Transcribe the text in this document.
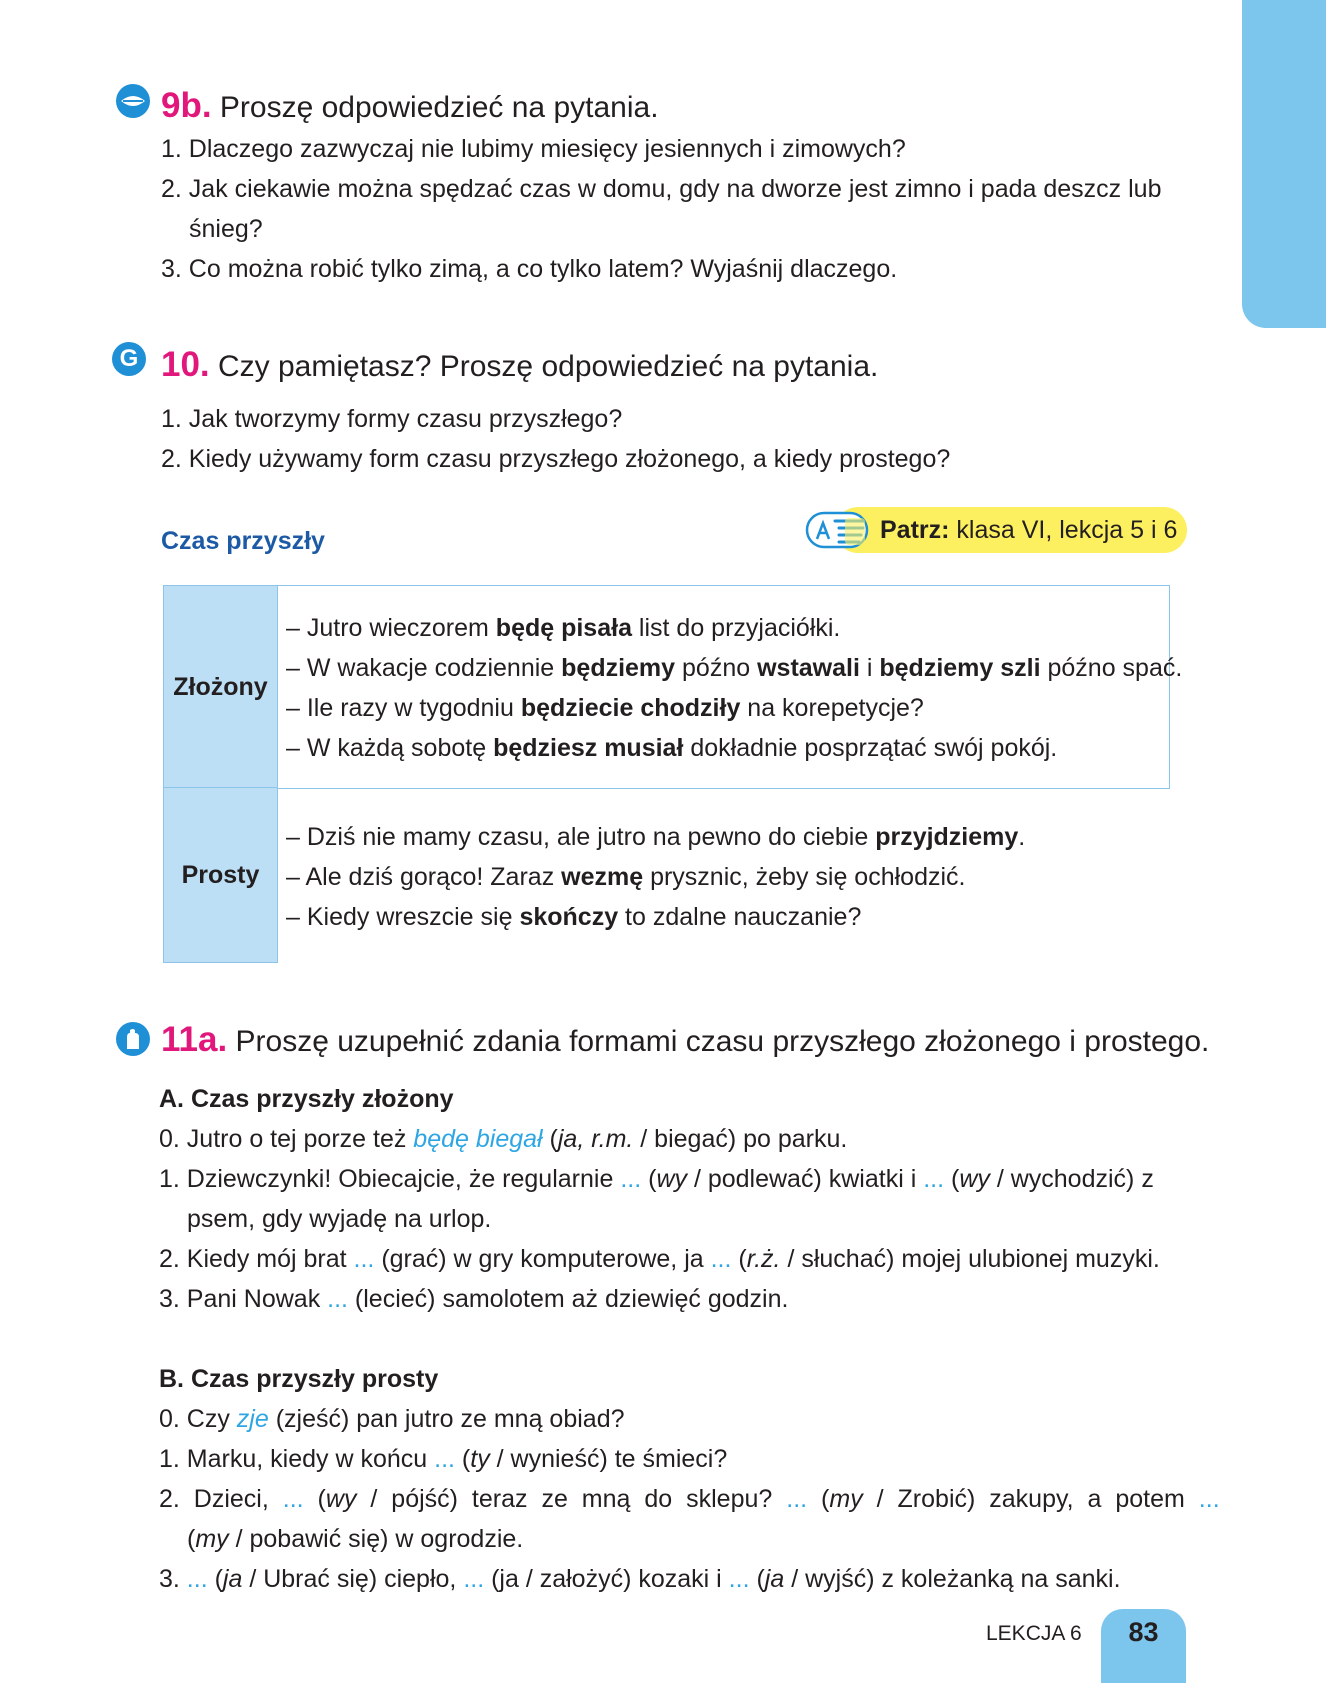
9b. Proszę odpowiedzieć na pytania.
1. Dlaczego zazwyczaj nie lubimy miesięcy jesiennych i zimowych?
2. Jak ciekawie można spędzać czas w domu, gdy na dworze jest zimno i pada deszcz lub
śnieg?
3. Co można robić tylko zimą, a co tylko latem? Wyjaśnij dlaczego.
G 10. Czy pamiętasz? Proszę odpowiedzieć na pytania.
1. Jak tworzymy formy czasu przyszłego?
2. Kiedy używamy form czasu przyszłego złożonego, a kiedy prostego?
Czas przyszły	Patrz: klasa VI, lekcja 5 i 6
Złożony
– Jutro wieczorem będę pisała list do przyjaciółki.
– W wakacje codziennie będziemy późno wstawali i będziemy szli późno spać.
– Ile razy w tygodniu będziecie chodziły na korepetycje?
– W każdą sobotę będziesz musiał dokładnie posprzątać swój pokój.
Prosty
– Dziś nie mamy czasu, ale jutro na pewno do ciebie przyjdziemy.
– Ale dziś gorąco! Zaraz wezmę prysznic, żeby się ochłodzić.
– Kiedy wreszcie się skończy to zdalne nauczanie?
11a. Proszę uzupełnić zdania formami czasu przyszłego złożonego i prostego.
A. Czas przyszły złożony
0. Jutro o tej porze też będę biegał (ja, r.m. / biegać) po parku.
1. Dziewczynki! Obiecajcie, że regularnie ... (wy / podlewać) kwiatki i ... (wy / wychodzić) z
psem, gdy wyjadę na urlop.
2. Kiedy mój brat ... (grać) w gry komputerowe, ja ... (r.ż. / słuchać) mojej ulubionej muzyki.
3. Pani Nowak ... (lecieć) samolotem aż dziewięć godzin.
B. Czas przyszły prosty
0. Czy zje (zjeść) pan jutro ze mną obiad?
1. Marku, kiedy w końcu ... (ty / wynieść) te śmieci?
2. Dzieci, ... (wy / pójść) teraz ze mną do sklepu? ... (my / Zrobić) zakupy, a potem ...
(my / pobawić się) w ogrodzie.
3. ... (ja / Ubrać się) ciepło, ... (ja / założyć) kozaki i ... (ja / wyjść) z koleżanką na sanki.
LEKCJA 6 83
